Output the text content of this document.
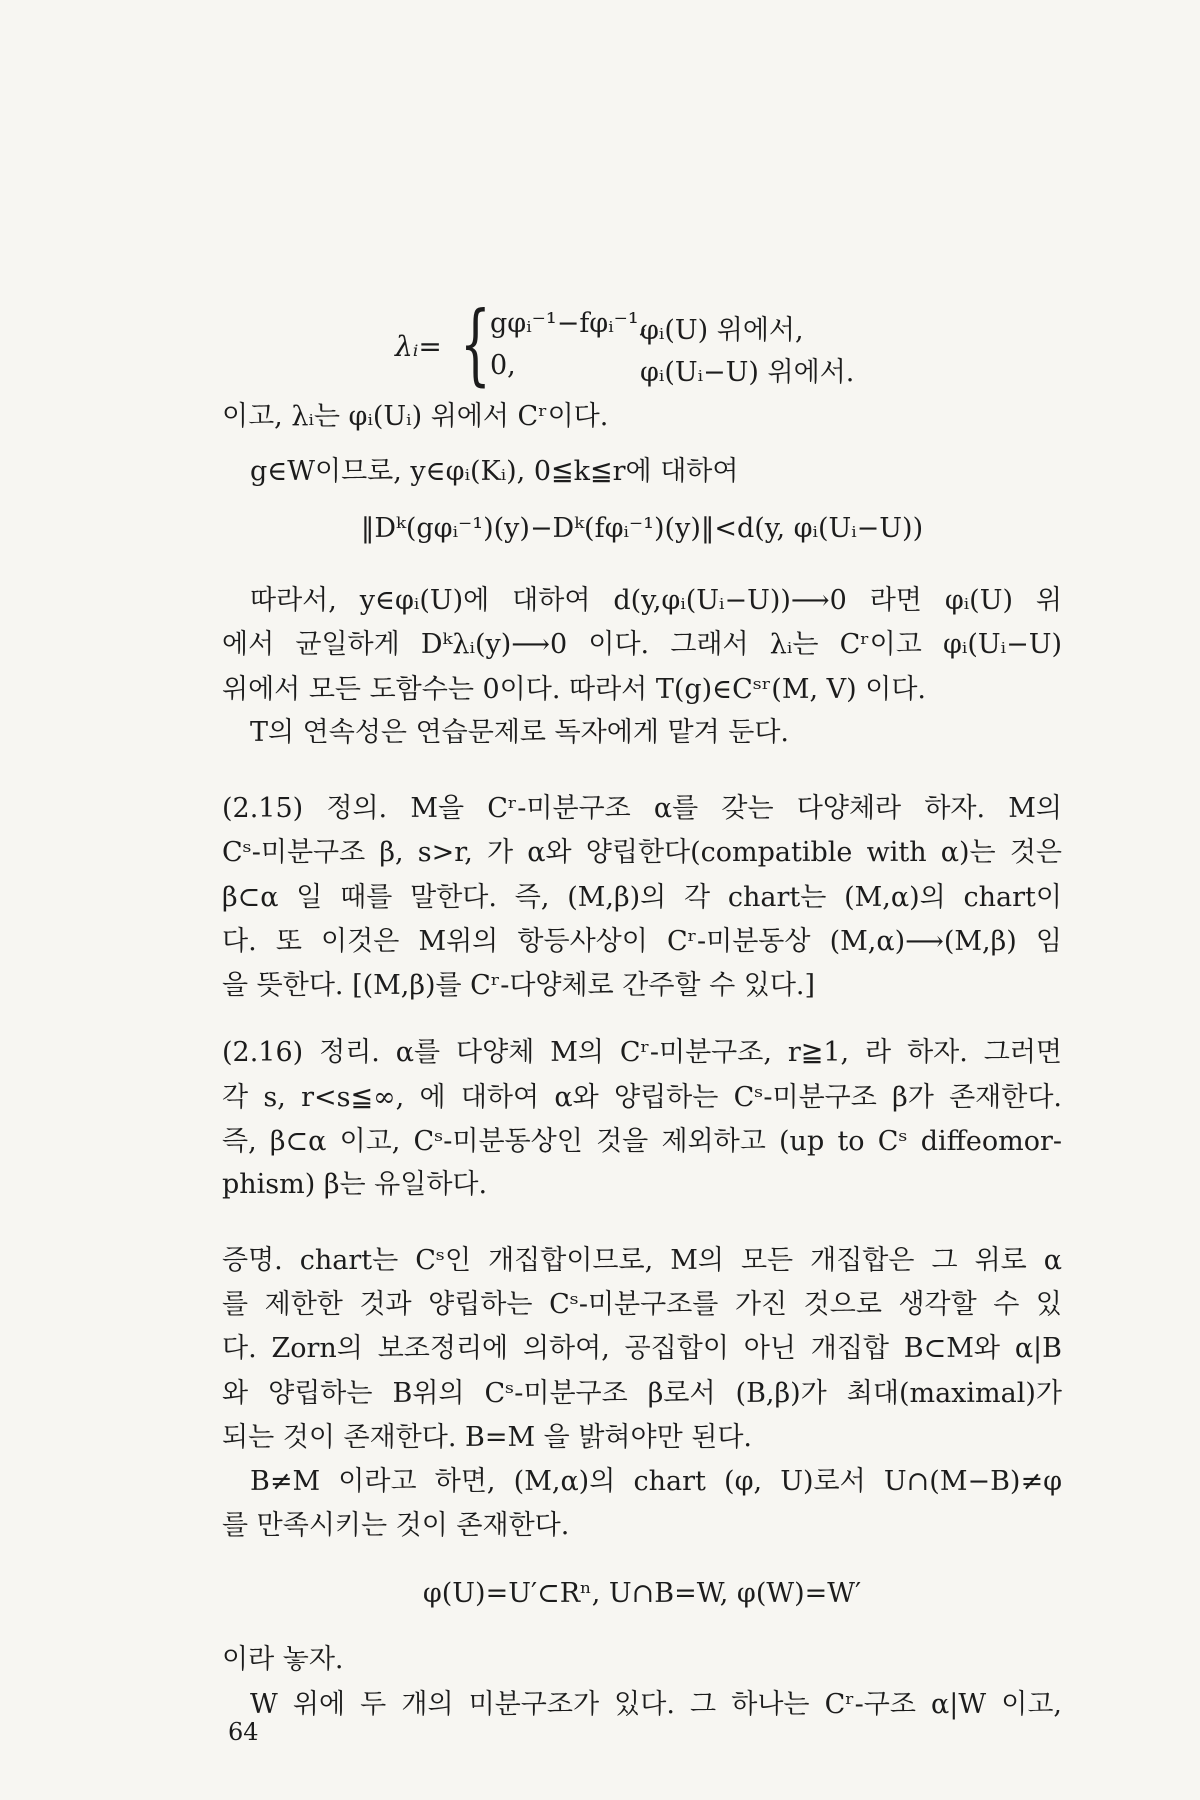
λᵢ= { gφᵢ⁻¹−fφᵢ⁻¹,
φᵢ(U) 위에서,
0,	φᵢ(Uᵢ−U) 위에서.
이고, λᵢ는 φᵢ(Uᵢ) 위에서 Cʳ이다.
g∈W이므로, y∈φᵢ(Kᵢ), 0≦k≦r에 대하여
‖Dᵏ(gφᵢ⁻¹)(y)−Dᵏ(fφᵢ⁻¹)(y)‖<d(y, φᵢ(Uᵢ−U))
따라서, y∈φᵢ(U)에 대하여 d(y,φᵢ(Uᵢ−U))⟶0 라면 φᵢ(U) 위
에서 균일하게 Dᵏλᵢ(y)⟶0 이다. 그래서 λᵢ는 Cʳ이고 φᵢ(Uᵢ−U)
위에서 모든 도함수는 0이다. 따라서 T(g)∈Cˢʳ(M, V) 이다.
T의 연속성은 연습문제로 독자에게 맡겨 둔다.
(2.15) 정의. M을 Cʳ-미분구조 α를 갖는 다양체라 하자. M의
Cˢ-미분구조 β, s>r, 가 α와 양립한다(compatible with α)는 것은
β⊂α 일 때를 말한다. 즉, (M,β)의 각 chart는 (M,α)의 chart이
다. 또 이것은 M위의 항등사상이 Cʳ-미분동상 (M,α)⟶(M,β) 임
을 뜻한다. [(M,β)를 Cʳ-다양체로 간주할 수 있다.]
(2.16) 정리. α를 다양체 M의 Cʳ-미분구조, r≧1, 라 하자. 그러면
각 s, r<s≦∞, 에 대하여 α와 양립하는 Cˢ-미분구조 β가 존재한다.
즉, β⊂α 이고, Cˢ-미분동상인 것을 제외하고 (up to Cˢ diffeomor-
phism) β는 유일하다.
증명. chart는 Cˢ인 개집합이므로, M의 모든 개집합은 그 위로 α
를 제한한 것과 양립하는 Cˢ-미분구조를 가진 것으로 생각할 수 있
다. Zorn의 보조정리에 의하여, 공집합이 아닌 개집합 B⊂M와 α|B
와 양립하는 B위의 Cˢ-미분구조 β로서 (B,β)가 최대(maximal)가
되는 것이 존재한다. B=M 을 밝혀야만 된다.
B≠M 이라고 하면, (M,α)의 chart (φ, U)로서 U∩(M−B)≠φ
를 만족시키는 것이 존재한다.
φ(U)=U′⊂Rⁿ, U∩B=W, φ(W)=W′
이라 놓자.
W 위에 두 개의 미분구조가 있다. 그 하나는 Cʳ-구조 α|W 이고,
64
